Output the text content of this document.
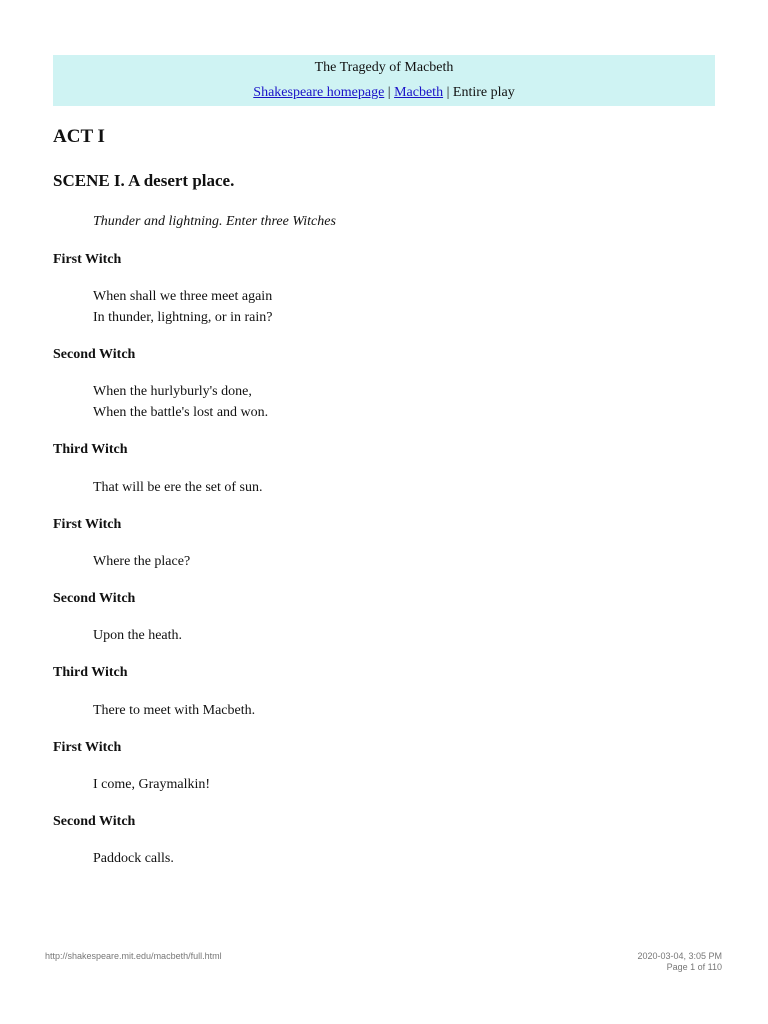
The Tragedy of Macbeth
Shakespeare homepage | Macbeth | Entire play
ACT I
SCENE I. A desert place.

Thunder and lightning. Enter three Witches

First Witch

When shall we three meet again
In thunder, lightning, or in rain?

Second Witch

When the hurlyburly's done,
When the battle's lost and won.

Third Witch

That will be ere the set of sun.

First Witch

Where the place?

Second Witch

Upon the heath.

Third Witch

There to meet with Macbeth.

First Witch

I come, Graymalkin!

Second Witch

Paddock calls.

http://shakespeare.mit.edu/macbeth/full.html	2020-03-04, 3:05 PM
Page 1 of 110
